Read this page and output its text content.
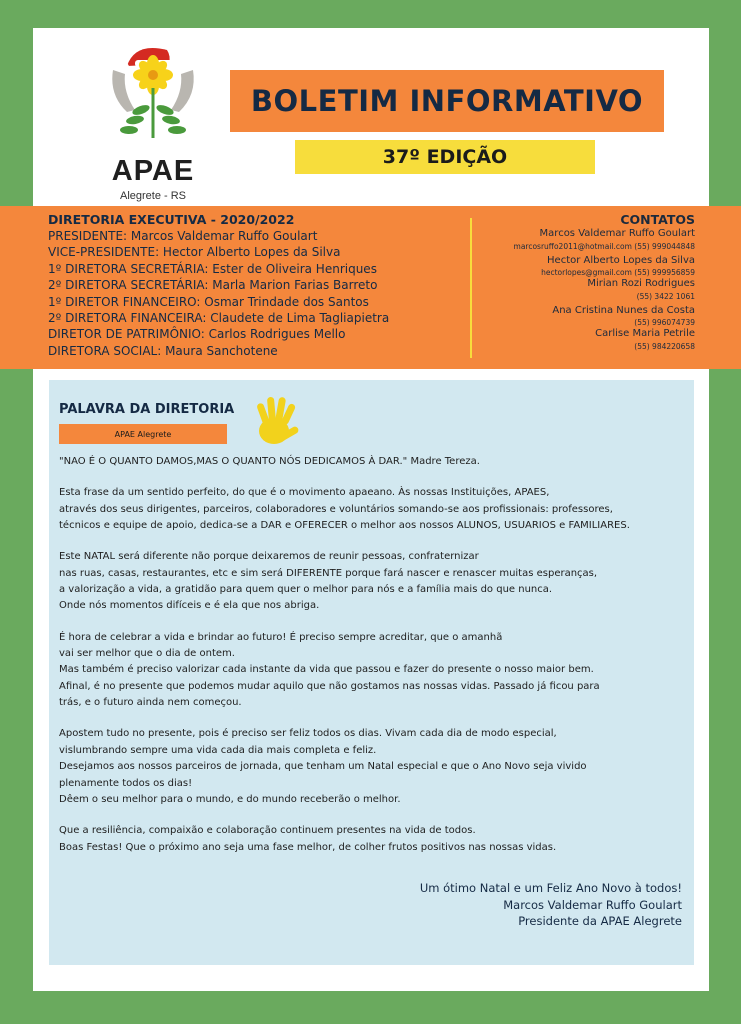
APAE
Alegrete - RS
BOLETIM INFORMATIVO
37º EDIÇÃO
DIRETORIA EXECUTIVA - 2020/2022
PRESIDENTE: Marcos Valdemar Ruffo Goulart
VICE-PRESIDENTE: Hector Alberto Lopes da Silva
1º DIRETORA SECRETÁRIA: Ester de Oliveira Henriques
2º DIRETORA SECRETÁRIA: Marla Marion Farias Barreto
1º DIRETOR FINANCEIRO: Osmar Trindade dos Santos
2º DIRETORA FINANCEIRA: Claudete de Lima Tagliapietra
DIRETOR DE PATRIMÔNIO: Carlos Rodrigues Mello
DIRETORA SOCIAL: Maura Sanchotene
CONTATOS
Marcos Valdemar Ruffo Goulart
marcosruffo2011@hotmail.com (55) 999044848
Hector Alberto Lopes da Silva
hectorlopes@gmail.com (55) 999956859
Mirian Rozi Rodrigues
(55) 3422 1061
Ana Cristina Nunes da Costa
(55) 996074739
Carlise Maria Petrile
(55) 984220658
PALAVRA DA DIRETORIA
APAE Alegrete
"NAO É O QUANTO DAMOS,MAS O QUANTO NÓS DEDICAMOS À DAR." Madre Tereza.
Esta frase da um sentido perfeito, do que é o movimento apaeano. Às nossas Instituições, APAES,
através dos seus dirigentes, parceiros, colaboradores e voluntários somando-se aos profissionais: professores,
técnicos e equipe de apoio, dedica-se a DAR e OFERECER o melhor aos nossos ALUNOS, USUARIOS e FAMILIARES.
Este NATAL será diferente não porque deixaremos de reunir pessoas, confraternizar
nas ruas, casas, restaurantes, etc e sim será DIFERENTE porque fará nascer e renascer muitas esperanças,
a valorização a vida, a gratidão para quem quer o melhor para nós e a família mais do que nunca.
Onde nós momentos difíceis e é ela que nos abriga.
É hora de celebrar a vida e brindar ao futuro! É preciso sempre acreditar, que o amanhã
vai ser melhor que o dia de ontem.
Mas também é preciso valorizar cada instante da vida que passou e fazer do presente o nosso maior bem.
Afinal, é no presente que podemos mudar aquilo que não gostamos nas nossas vidas. Passado já ficou para
trás, e o futuro ainda nem começou.
Apostem tudo no presente, pois é preciso ser feliz todos os dias. Vivam cada dia de modo especial,
vislumbrando sempre uma vida cada dia mais completa e feliz.
Desejamos aos nossos parceiros de jornada, que tenham um Natal especial e que o Ano Novo seja vivido
plenamente todos os dias!
Dêem o seu melhor para o mundo, e do mundo receberão o melhor.
Que a resiliência, compaixão e colaboração continuem presentes na vida de todos.
Boas Festas! Que o próximo ano seja uma fase melhor, de colher frutos positivos nas nossas vidas.
Um ótimo Natal e um Feliz Ano Novo à todos!
Marcos Valdemar Ruffo Goulart
Presidente da APAE Alegrete
